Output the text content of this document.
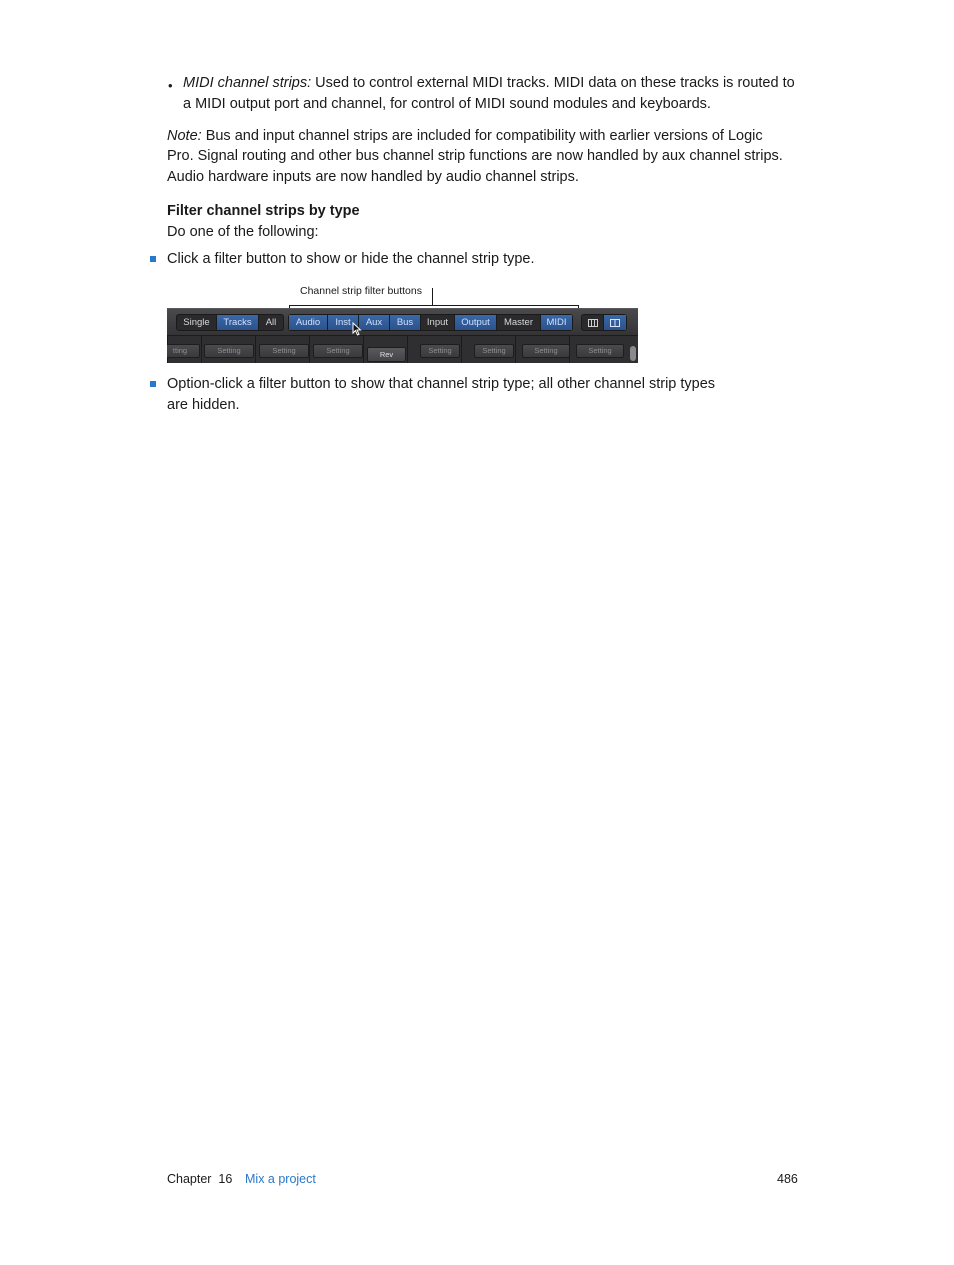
• MIDI channel strips: Used to control external MIDI tracks. MIDI data on these tracks is routed to
a MIDI output port and channel, for control of MIDI sound modules and keyboards.
Note: Bus and input channel strips are included for compatibility with earlier versions of Logic
Pro. Signal routing and other bus channel strip functions are now handled by aux channel strips.
Audio hardware inputs are now handled by audio channel strips.
Filter channel strips by type
Do one of the following:
Click a filter button to show or hide the channel strip type.
Channel strip filter buttons
Single	Tracks	All	Audio	Inst	Aux	Bus	Input	Output	Master	MIDI
tting	Setting	Setting	Setting	Rev	Setting	Setting	Setting	Setting
Option-click a filter button to show that channel strip type; all other channel strip types
are hidden.
Chapter  16 Mix a project	486
